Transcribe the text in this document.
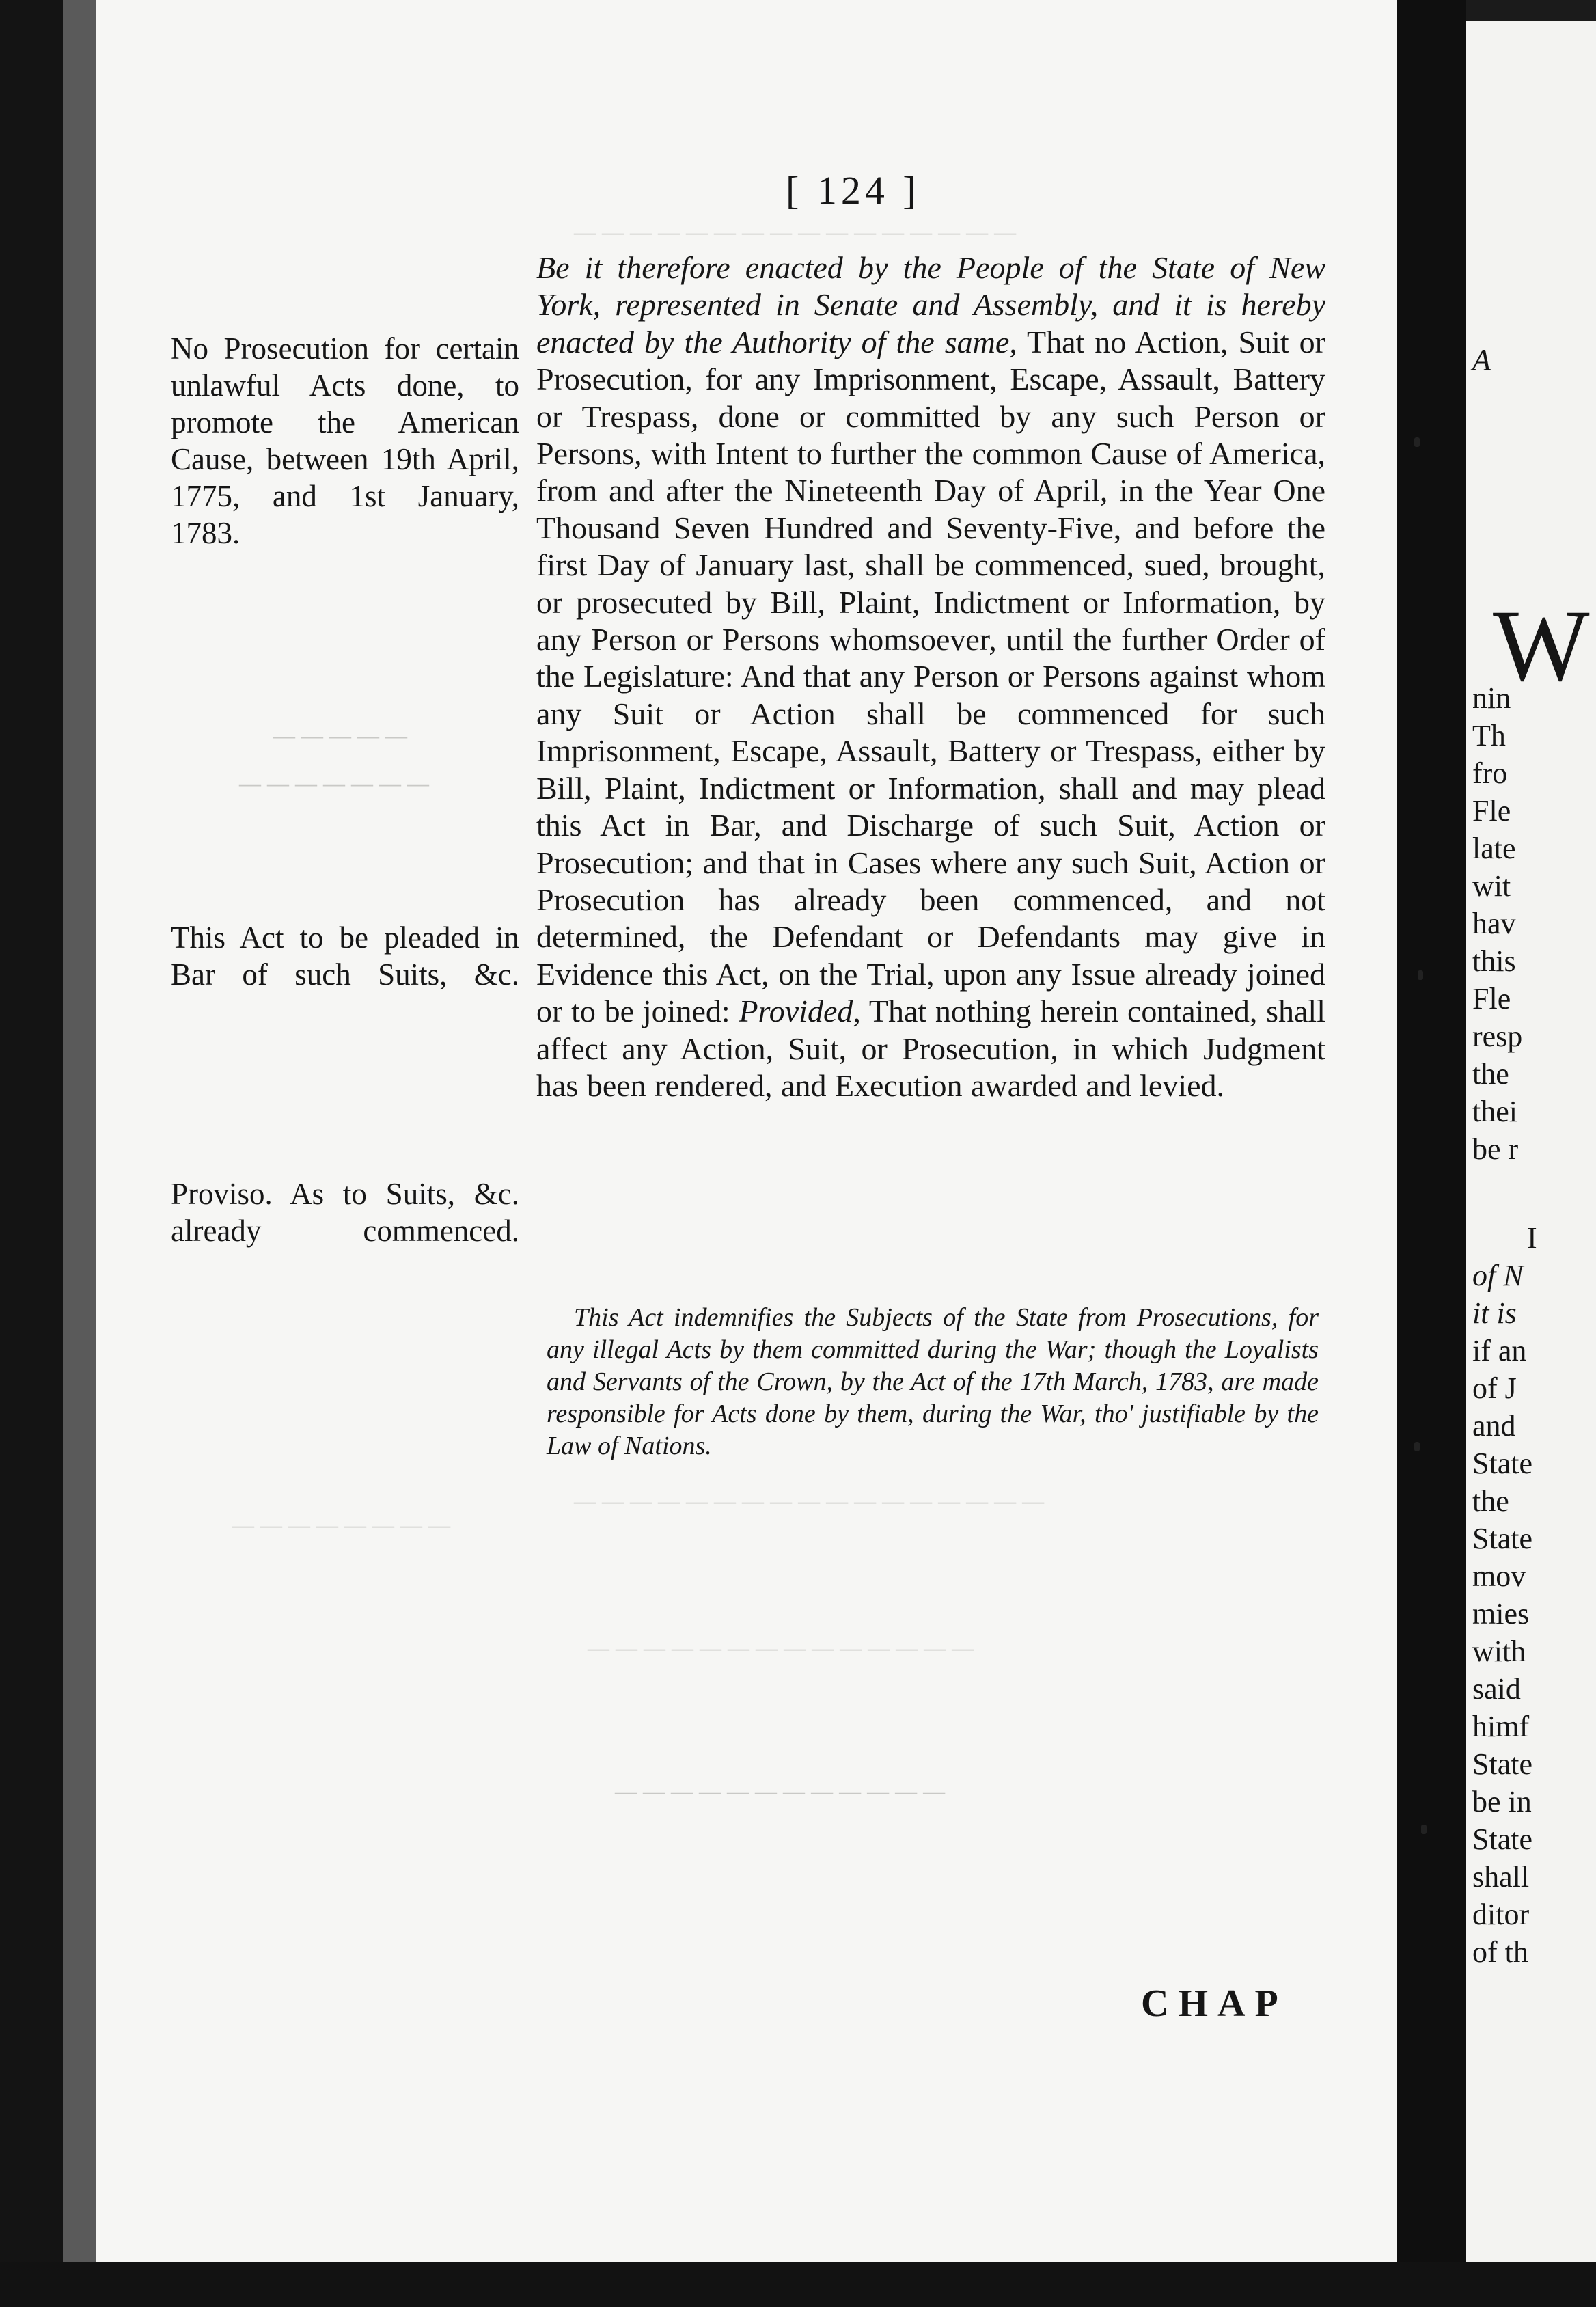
— — — — — — — — — — — — — — — —
— — — — —
— — — — — — —
— — — — — — — — — — — — — — — — —
— — — — — — — —
— — — — — — — — — — — — — —
— — — — — — — — — — — —
[ 124 ]
No Prosecution for certain unlawful Acts done, to promote the American Cause, between 19th April, 1775, and 1st January, 1783.
This Act to be pleaded in Bar of such Suits, &c.
Proviso. As to Suits, &c. already commenced.
Be it therefore enacted by the People of the State of New York, represented in Senate and Assembly, and it is hereby enacted by the Authority of the same, That no Action, Suit or Prosecution, for any Imprisonment, Escape, Assault, Battery or Trespass, done or committed by any such Person or Persons, with Intent to further the common Cause of America, from and after the Nineteenth Day of April, in the Year One Thousand Seven Hundred and Seventy-Five, and before the first Day of January last, shall be commenced, sued, brought, or prosecuted by Bill, Plaint, Indictment or Information, by any Person or Persons whomsoever, until the further Order of the Legislature: And that any Person or Persons against whom any Suit or Action shall be commenced for such Imprisonment, Escape, Assault, Battery or Trespass, either by Bill, Plaint, Indictment or Information, shall and may plead this Act in Bar, and Discharge of such Suit, Action or Prosecution; and that in Cases where any such Suit, Action or Prosecution has already been commenced, and not determined, the Defendant or Defendants may give in Evidence this Act, on the Trial, upon any Issue already joined or to be joined: Provided, That nothing herein contained, shall affect any Action, Suit, or Prosecution, in which Judgment has been rendered, and Execution awarded and levied.
This Act indemnifies the Subjects of the State from Prosecutions, for any illegal Acts by them committed during the War; though the Loyalists and Servants of the Crown, by the Act of the 17th March, 1783, are made responsible for Acts done by them, during the War, tho' justifiable by the Law of Nations.
CHAP
A
W
nin
Th
fro
Fle
late
wit
hav
this
Fle
resp
the
thei
be r
I
of N
it is
if an
of J
and
State
the
State
mov
mies
with
said
himf
State
be in
State
shall
ditor
of th
